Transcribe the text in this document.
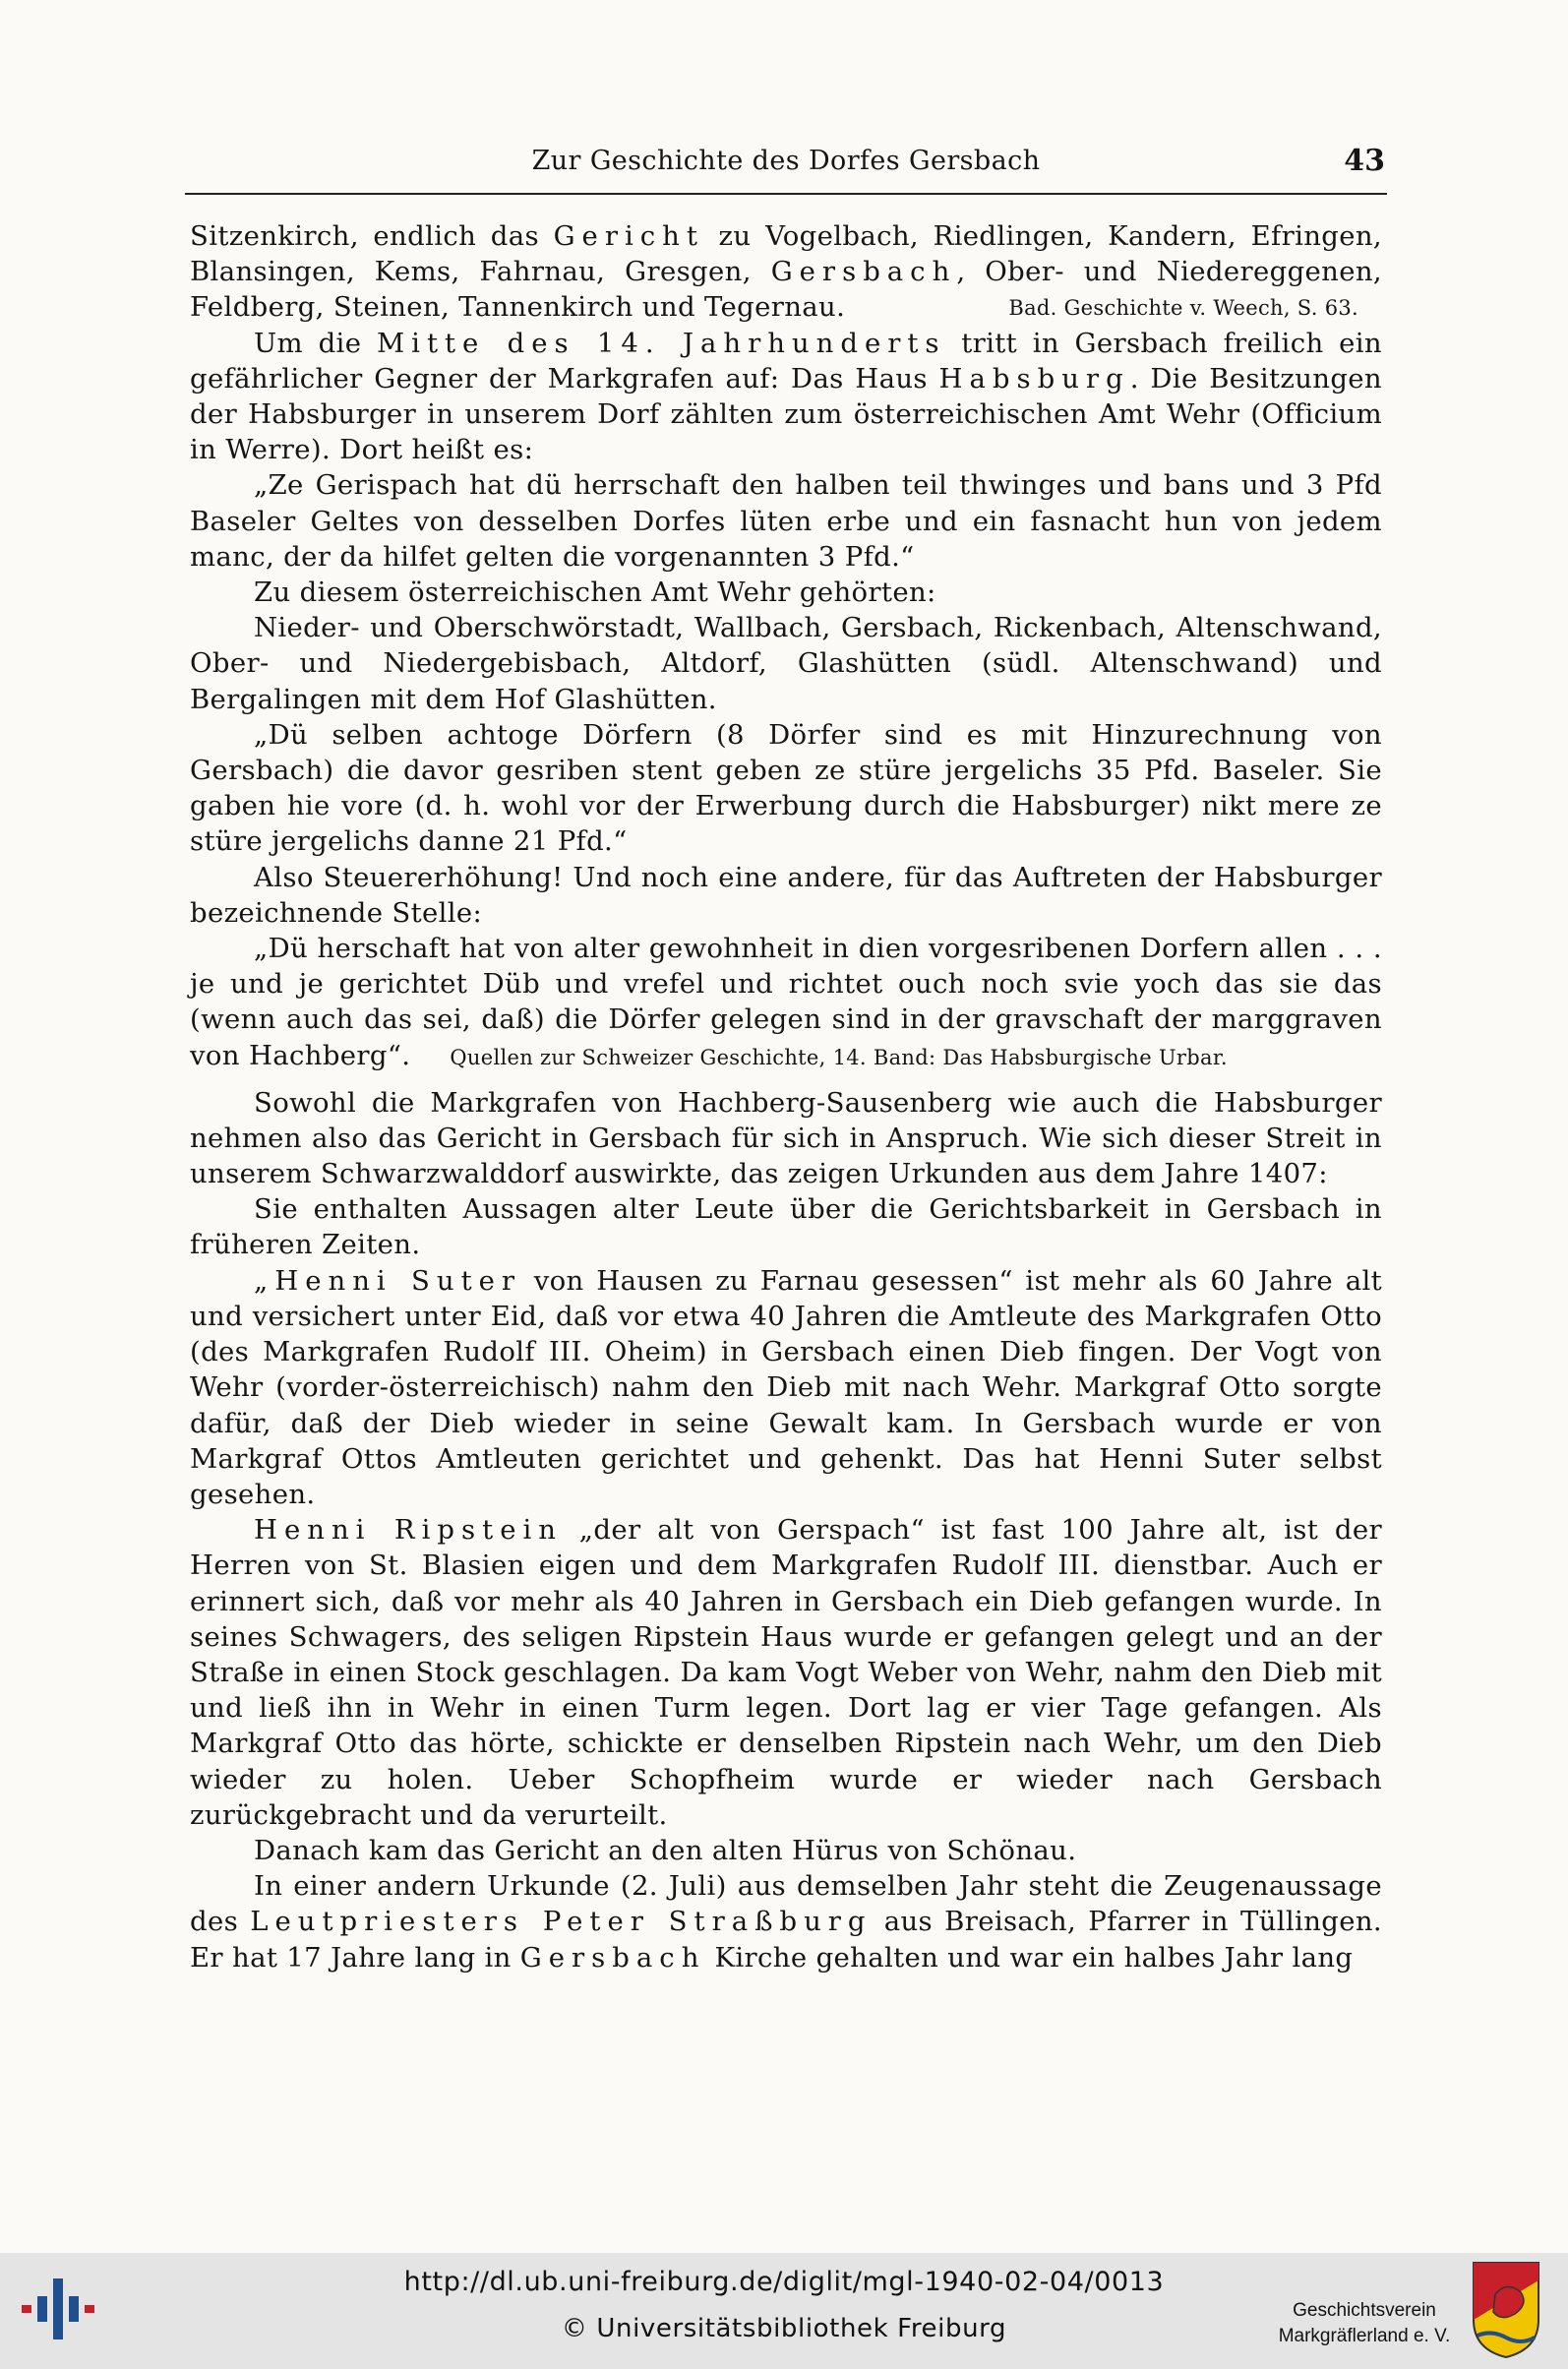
Zur Geschichte des Dorfes Gersbach	43

Sitzenkirch, endlich das Gericht zu Vogelbach, Riedlingen, Kandern, Efringen, Blansingen, Kems, Fahrnau, Gresgen, Gersbach, Ober- und Niedereggenen, Feldberg, Steinen, Tannenkirch und Tegernau.	Bad. Geschichte v. Weech, S. 63.

Um die Mitte des 14. Jahrhunderts tritt in Gersbach freilich ein gefährlicher Gegner der Markgrafen auf: Das Haus Habsburg. Die Besitzungen der Habsburger in unserem Dorf zählten zum österreichischen Amt Wehr (Officium in Werre). Dort heißt es:

„Ze Gerispach hat dü herrschaft den halben teil thwinges und bans und 3 Pfd Baseler Geltes von desselben Dorfes lüten erbe und ein fasnacht hun von jedem manc, der da hilfet gelten die vorgenannten 3 Pfd.“

Zu diesem österreichischen Amt Wehr gehörten:

Nieder- und Oberschwörstadt, Wallbach, Gersbach, Rickenbach, Altenschwand, Ober- und Niedergebisbach, Altdorf, Glashütten (südl. Altenschwand) und Bergalingen mit dem Hof Glashütten.

„Dü selben achtoge Dörfern (8 Dörfer sind es mit Hinzurechnung von Gersbach) die davor gesriben stent geben ze stüre jergelichs 35 Pfd. Baseler. Sie gaben hie vore (d. h. wohl vor der Erwerbung durch die Habsburger) nikt mere ze stüre jergelichs danne 21 Pfd.“

Also Steuererhöhung! Und noch eine andere, für das Auftreten der Habsburger bezeichnende Stelle:

„Dü herschaft hat von alter gewohnheit in dien vorgesribenen Dorfern allen . . . je und je gerichtet Düb und vrefel und richtet ouch noch svie yoch das sie das (wenn auch das sei, daß) die Dörfer gelegen sind in der gravschaft der marggraven von Hachberg“. Quellen zur Schweizer Geschichte, 14. Band: Das Habsburgische Urbar.

Sowohl die Markgrafen von Hachberg-Sausenberg wie auch die Habsburger nehmen also das Gericht in Gersbach für sich in Anspruch. Wie sich dieser Streit in unserem Schwarzwalddorf auswirkte, das zeigen Urkunden aus dem Jahre 1407:

Sie enthalten Aussagen alter Leute über die Gerichtsbarkeit in Gersbach in früheren Zeiten.

„Henni Suter von Hausen zu Farnau gesessen“ ist mehr als 60 Jahre alt und versichert unter Eid, daß vor etwa 40 Jahren die Amtleute des Markgrafen Otto (des Markgrafen Rudolf III. Oheim) in Gersbach einen Dieb fingen. Der Vogt von Wehr (vorder-österreichisch) nahm den Dieb mit nach Wehr. Markgraf Otto sorgte dafür, daß der Dieb wieder in seine Gewalt kam. In Gersbach wurde er von Markgraf Ottos Amtleuten gerichtet und gehenkt. Das hat Henni Suter selbst gesehen.

Henni Ripstein „der alt von Gerspach“ ist fast 100 Jahre alt, ist der Herren von St. Blasien eigen und dem Markgrafen Rudolf III. dienstbar. Auch er erinnert sich, daß vor mehr als 40 Jahren in Gersbach ein Dieb gefangen wurde. In seines Schwagers, des seligen Ripstein Haus wurde er gefangen gelegt und an der Straße in einen Stock geschlagen. Da kam Vogt Weber von Wehr, nahm den Dieb mit und ließ ihn in Wehr in einen Turm legen. Dort lag er vier Tage gefangen. Als Markgraf Otto das hörte, schickte er denselben Ripstein nach Wehr, um den Dieb wieder zu holen. Ueber Schopfheim wurde er wieder nach Gersbach zurückgebracht und da verurteilt.

Danach kam das Gericht an den alten Hürus von Schönau.

In einer andern Urkunde (2. Juli) aus demselben Jahr steht die Zeugenaussage des Leutpriesters Peter Straßburg aus Breisach, Pfarrer in Tüllingen. Er hat 17 Jahre lang in Gersbach Kirche gehalten und war ein halbes Jahr lang

http://dl.ub.uni-freiburg.de/diglit/mgl-1940-02-04/0013
© Universitätsbibliothek Freiburg
Geschichtsverein
Markgräflerland e. V.
